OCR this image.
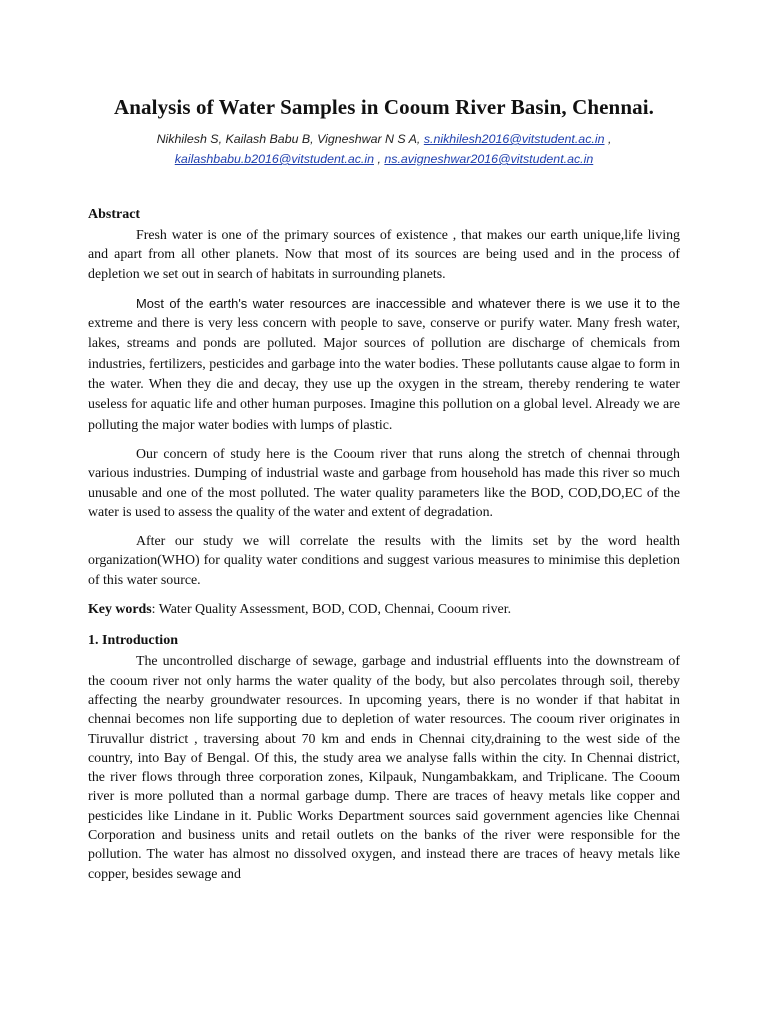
Analysis of Water Samples in Cooum River Basin, Chennai.
Nikhilesh S, Kailash Babu B, Vigneshwar N S A, s.nikhilesh2016@vitstudent.ac.in ,
kailashbabu.b2016@vitstudent.ac.in , ns.avigneshwar2016@vitstudent.ac.in
Abstract

Fresh water is one of the primary sources of existence , that makes our earth unique,life living and apart from all other planets. Now that most of its sources are being used and in the process of depletion we set out in search of habitats in surrounding planets.

Most of the earth's water resources are inaccessible and whatever there is we use it to the extreme and there is very less concern with people to save, conserve or purify water. Many fresh water, lakes, streams and ponds are polluted. Major sources of pollution are discharge of chemicals from industries, fertilizers, pesticides and garbage into the water bodies. These pollutants cause algae to form in the water. When they die and decay, they use up the oxygen in the stream, thereby rendering te water useless for aquatic life and other human purposes. Imagine this pollution on a global level. Already we are polluting the major water bodies with lumps of plastic.

Our concern of study here is the Cooum river that runs along the stretch of chennai through various industries. Dumping of industrial waste and garbage from household has made this river so much unusable and one of the most polluted. The water quality parameters like the BOD, COD,DO,EC of the water is used to assess the quality of the water and extent of degradation.

After our study we will correlate the results with the limits set by the word health organization(WHO) for quality water conditions and suggest various measures to minimise this depletion of this water source.

Key words: Water Quality Assessment, BOD, COD, Chennai, Cooum river.

1. Introduction

The uncontrolled discharge of sewage, garbage and industrial effluents into the downstream of the cooum river not only harms the water quality of the body, but also percolates through soil, thereby affecting the nearby groundwater resources. In upcoming years, there is no wonder if that habitat in chennai becomes non life supporting due to depletion of water resources. The cooum river originates in Tiruvallur district , traversing about 70 km and ends in Chennai city,draining to the west side of the country, into Bay of Bengal. Of this, the study area we analyse falls within the city. In Chennai district, the river flows through three corporation zones, Kilpauk, Nungambakkam, and Triplicane. The Cooum river is more polluted than a normal garbage dump. There are traces of heavy metals like copper and pesticides like Lindane in it. Public Works Department sources said government agencies like Chennai Corporation and business units and retail outlets on the banks of the river were responsible for the pollution. The water has almost no dissolved oxygen, and instead there are traces of heavy metals like copper, besides sewage and
